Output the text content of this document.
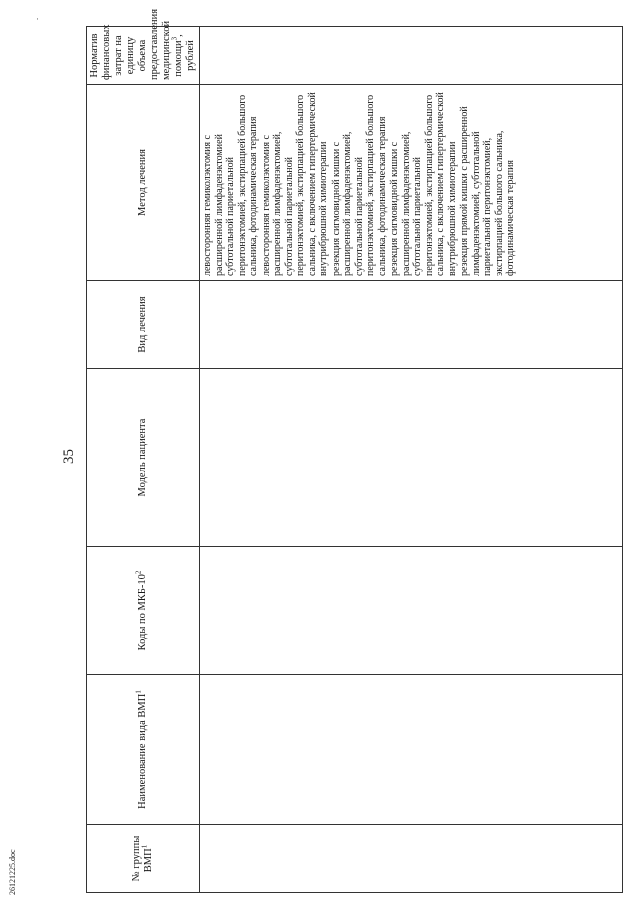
·
26121225.doc
35
№ группы ВМП$^1$	Наименование вида ВМП$^1$	Коды по МКБ-$10^2$	Модель пациента	Вид лечения	Метод лечения	Норматив финансовых затрат на единицу объема предоставления медицинской помощи$^3$, рублей

					левосторонняя гемиколэктомия с расширенной лимфаденэктомией субтотальной париетальной перитонэктомией, экстирпацией большого сальника, фотодинамическая терапия левосторонняя гемиколэктомия с расширенной лимфаденэктомией, субтотальной париетальной перитонэктомией, экстирпацией большого сальника, с включением гипертермической внутрибрюшной химиотерапии резекция сигмовидной кишки с расширенной лимфаденэктомией, субтотальной париетальной перитонэктомией, экстирпацией большого сальника, фотодинамическая терапия резекция сигмовидной кишки с расширенной лимфаденэктомией, субтотальной париетальной перитонэктомией, экстирпацией большого сальника, с включением гипертермической внутрибрюшной химиотерапии резекция прямой кишки с расширенной лимфаденэктомией, субтотальной париетальной перитонэктомией, экстирпацией большого сальника, фотодинамическая терапия	
